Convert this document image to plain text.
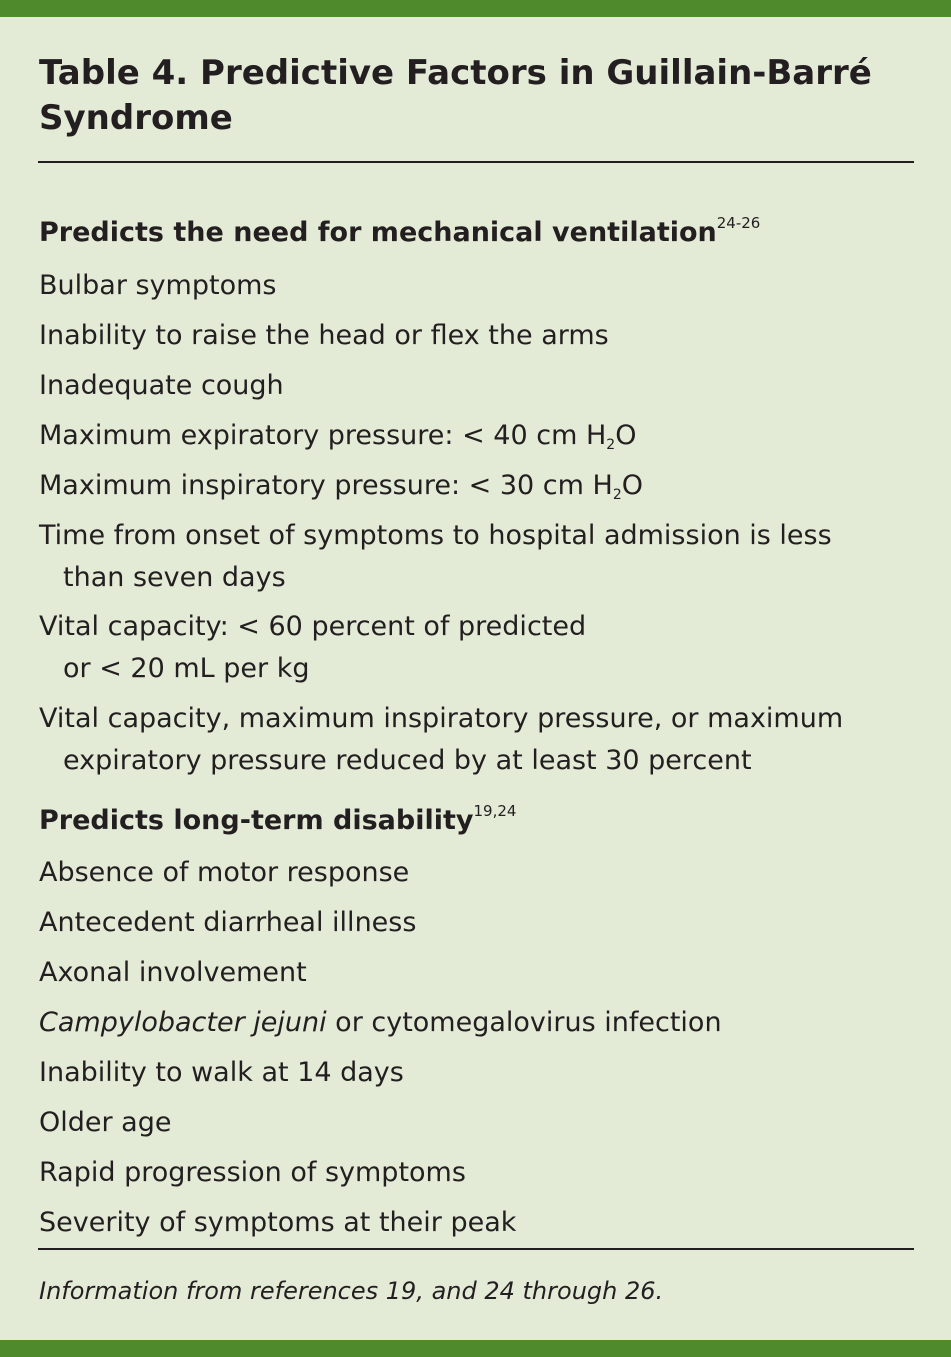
Table 4. Predictive Factors in Guillain-Barré Syndrome
Predicts the need for mechanical ventilation$^{24-26}$
Bulbar symptoms
Inability to raise the head or flex the arms
Inadequate cough
Maximum expiratory pressure: < 40 cm $H_2O$
Maximum inspiratory pressure: < 30 cm $H_2O$
Time from onset of symptoms to hospital admission is less
than seven days
Vital capacity: < 60 percent of predicted
or < 20 mL per kg
Vital capacity, maximum inspiratory pressure, or maximum
expiratory pressure reduced by at least 30 percent
Predicts long-term disability$^{19,24}$
Absence of motor response
Antecedent diarrheal illness
Axonal involvement
Campylobacter jejuni or cytomegalovirus infection
Inability to walk at 14 days
Older age
Rapid progression of symptoms
Severity of symptoms at their peak

Information from references 19, and 24 through 26.
